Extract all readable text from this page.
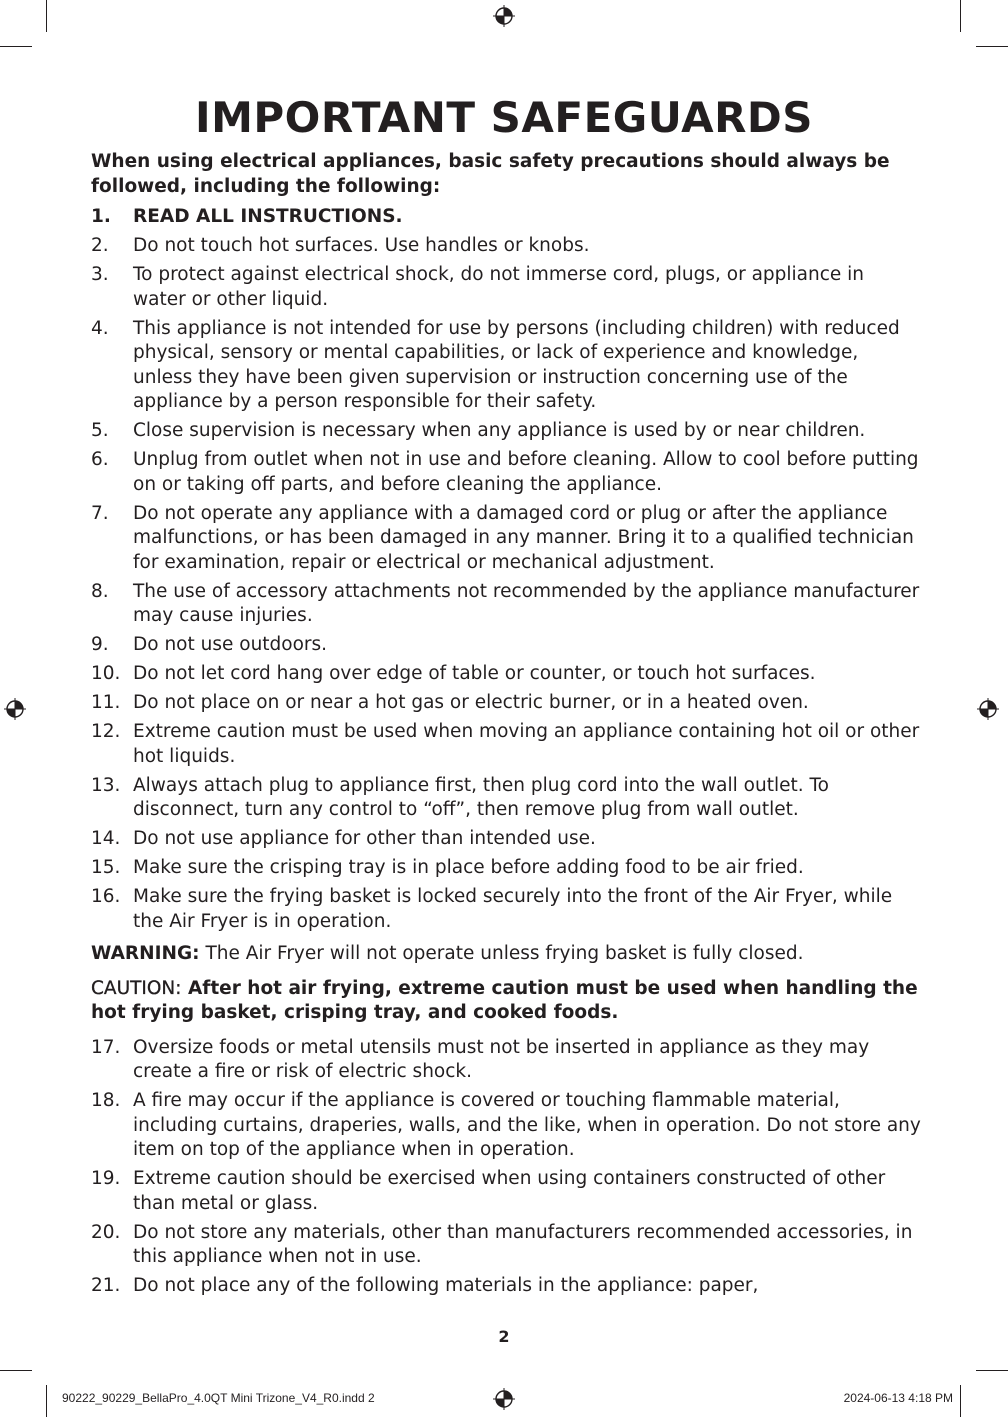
IMPORTANT SAFEGUARDS
When using electrical appliances, basic safety precautions should always be followed, including the following:
1.	READ ALL INSTRUCTIONS.
2.	Do not touch hot surfaces. Use handles or knobs.
3.	To protect against electrical shock, do not immerse cord, plugs, or appliance in water or other liquid.
4.	This appliance is not intended for use by persons (including children) with reduced physical, sensory or mental capabilities, or lack of experience and knowledge, unless they have been given supervision or instruction concerning use of the appliance by a person responsible for their safety.
5.	Close supervision is necessary when any appliance is used by or near children.
6.	Unplug from outlet when not in use and before cleaning. Allow to cool before putting on or taking off parts, and before cleaning the appliance.
7.	Do not operate any appliance with a damaged cord or plug or after the appliance malfunctions, or has been damaged in any manner. Bring it to a qualified technician for examination, repair or electrical or mechanical adjustment.
8.	The use of accessory attachments not recommended by the appliance manufacturer may cause injuries.
9.	Do not use outdoors.
10. Do not let cord hang over edge of table or counter, or touch hot surfaces.
11. Do not place on or near a hot gas or electric burner, or in a heated oven.
12. Extreme caution must be used when moving an appliance containing hot oil or other hot liquids.
13. Always attach plug to appliance first, then plug cord into the wall outlet. To disconnect, turn any control to “off”, then remove plug from wall outlet.
14. Do not use appliance for other than intended use.
15. Make sure the crisping tray is in place before adding food to be air fried.
16. Make sure the frying basket is locked securely into the front of the Air Fryer, while the Air Fryer is in operation.
WARNING: The Air Fryer will not operate unless frying basket is fully closed.
CAUTION: After hot air frying, extreme caution must be used when handling the hot frying basket, crisping tray, and cooked foods.
17. Oversize foods or metal utensils must not be inserted in appliance as they may create a fire or risk of electric shock.
18. A fire may occur if the appliance is covered or touching flammable material, including curtains, draperies, walls, and the like, when in operation. Do not store any item on top of the appliance when in operation.
19. Extreme caution should be exercised when using containers constructed of other than metal or glass.
20. Do not store any materials, other than manufacturers recommended accessories, in this appliance when not in use.
21. Do not place any of the following materials in the appliance: paper,
2
90222_90229_BellaPro_4.0QT Mini Trizone_V4_R0.indd 2	2024-06-13 4:18 PM
